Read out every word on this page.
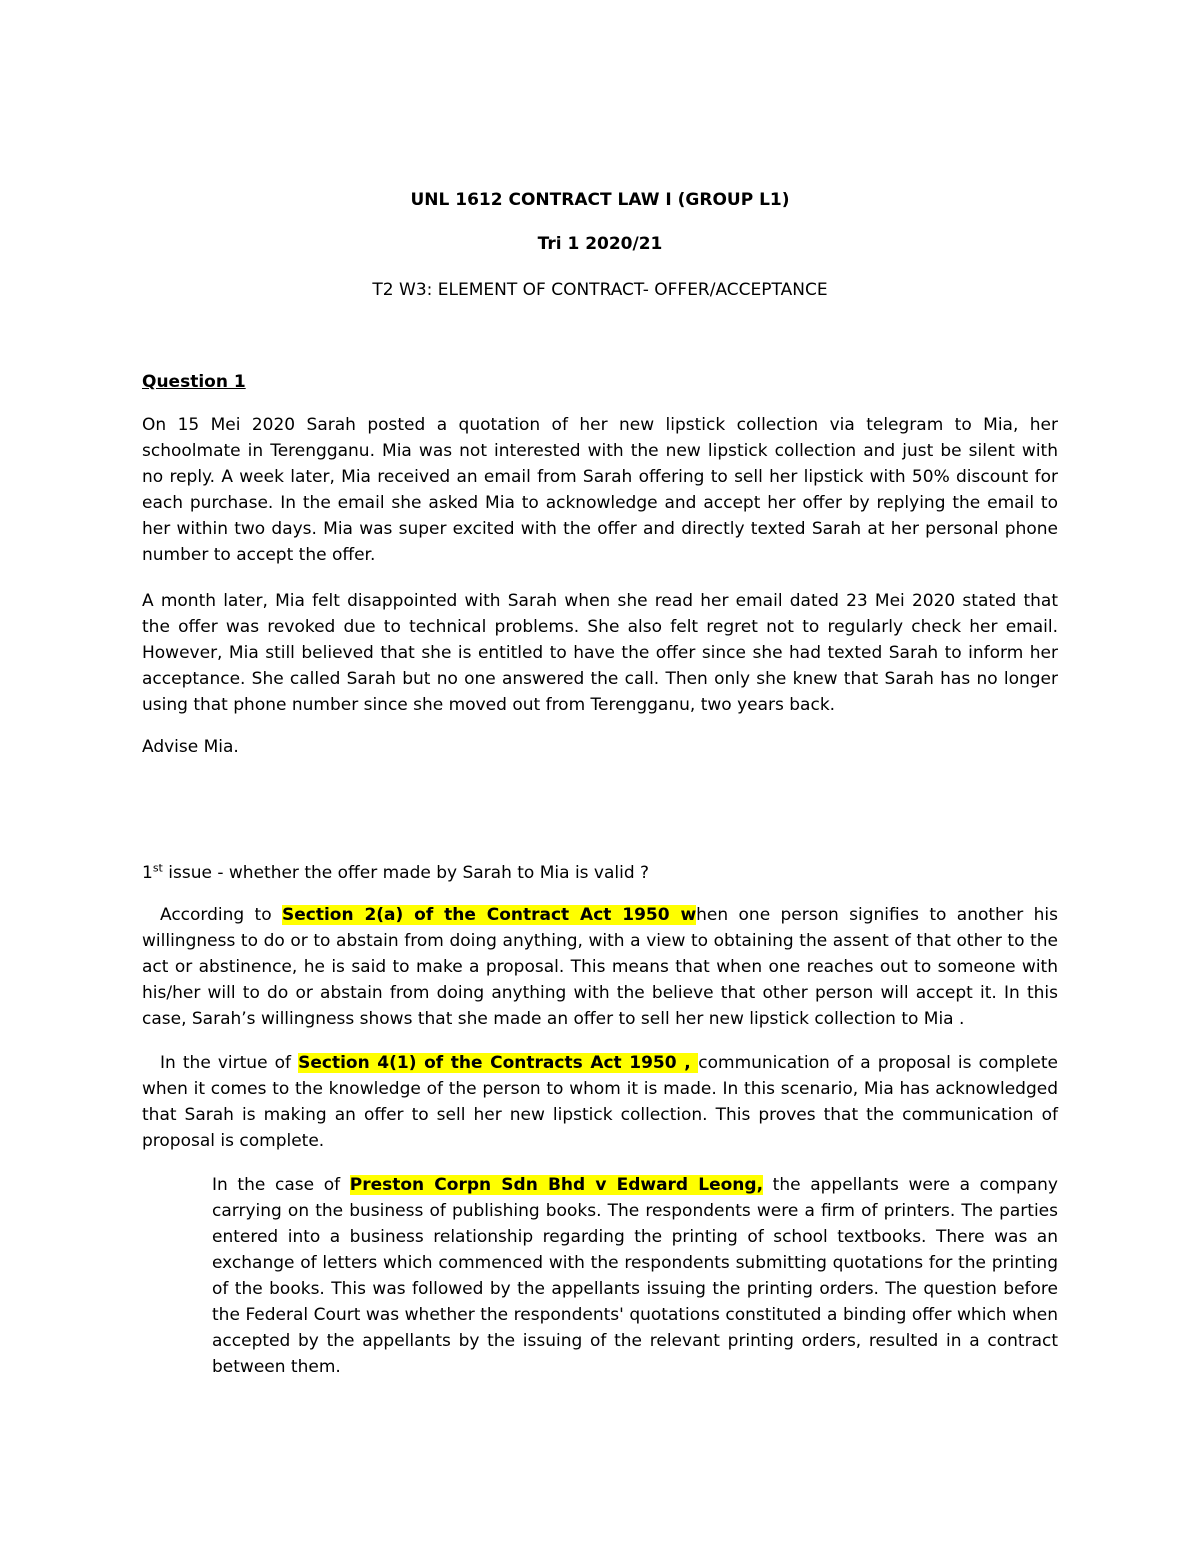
UNL 1612 CONTRACT LAW I (GROUP L1)
Tri 1 2020/21
T2 W3: ELEMENT OF CONTRACT- OFFER/ACCEPTANCE
Question 1
On 15 Mei 2020 Sarah posted a quotation of her new lipstick collection via telegram to Mia, her schoolmate in Terengganu. Mia was not interested with the new lipstick collection and just be silent with no reply. A week later, Mia received an email from Sarah offering to sell her lipstick with 50% discount for each purchase. In the email she asked Mia to acknowledge and accept her offer by replying the email to her within two days. Mia was super excited with the offer and directly texted Sarah at her personal phone number to accept the offer.
A month later, Mia felt disappointed with Sarah when she read her email dated 23 Mei 2020 stated that the offer was revoked due to technical problems. She also felt regret not to regularly check her email. However, Mia still believed that she is entitled to have the offer since she had texted Sarah to inform her acceptance. She called Sarah but no one answered the call. Then only she knew that Sarah has no longer using that phone number since she moved out from Terengganu, two years back.
Advise Mia.
1st issue - whether the offer made by Sarah to Mia is valid ?
According to Section 2(a) of the Contract Act 1950 when one person signifies to another his willingness to do or to abstain from doing anything, with a view to obtaining the assent of that other to the act or abstinence, he is said to make a proposal. This means that when one reaches out to someone with his/her will to do or abstain from doing anything with the believe that other person will accept it. In this case, Sarah’s willingness shows that she made an offer to sell her new lipstick collection to Mia .
In the virtue of Section 4(1) of the Contracts Act 1950 , communication of a proposal is complete when it comes to the knowledge of the person to whom it is made. In this scenario, Mia has acknowledged that Sarah is making an offer to sell her new lipstick collection. This proves that the communication of proposal is complete.
In the case of Preston Corpn Sdn Bhd v Edward Leong, the appellants were a company carrying on the business of publishing books. The respondents were a firm of printers. The parties entered into a business relationship regarding the printing of school textbooks. There was an exchange of letters which commenced with the respondents submitting quotations for the printing of the books. This was followed by the appellants issuing the printing orders. The question before the Federal Court was whether the respondents' quotations constituted a binding offer which when accepted by the appellants by the issuing of the relevant printing orders, resulted in a contract between them.
